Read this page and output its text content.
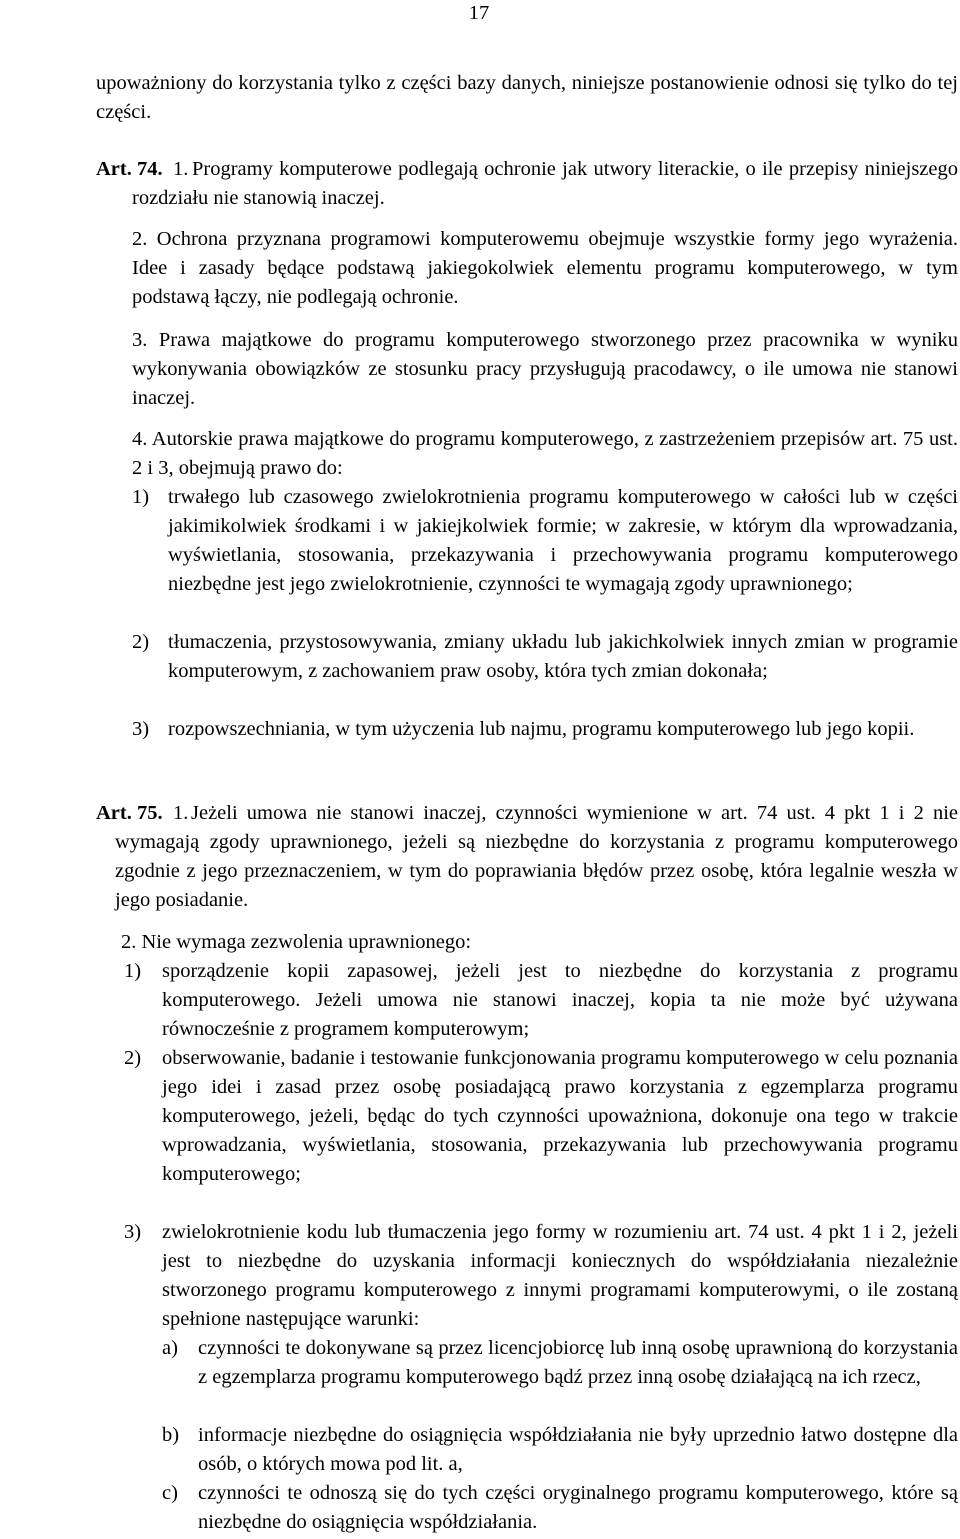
17

upoważniony do korzystania tylko z części bazy danych, niniejsze postanowienie odnosi się tylko do tej części.

Art. 74. 1. Programy komputerowe podlegają ochronie jak utwory literackie, o ile przepisy niniejszego rozdziału nie stanowią inaczej.

2. Ochrona przyznana programowi komputerowemu obejmuje wszystkie formy jego wyrażenia. Idee i zasady będące podstawą jakiegokolwiek elementu programu komputerowego, w tym podstawą łączy, nie podlegają ochronie.

3. Prawa majątkowe do programu komputerowego stworzonego przez pracownika w wyniku wykonywania obowiązków ze stosunku pracy przysługują pracodawcy, o ile umowa nie stanowi inaczej.

4. Autorskie prawa majątkowe do programu komputerowego, z zastrzeżeniem przepisów art. 75 ust. 2 i 3, obejmują prawo do:

1) trwałego lub czasowego zwielokrotnienia programu komputerowego w całości lub w części jakimikolwiek środkami i w jakiejkolwiek formie; w zakresie, w którym dla wprowadzania, wyświetlania, stosowania, przekazywania i przechowywania programu komputerowego niezbędne jest jego zwielokrotnienie, czynności te wymagają zgody uprawnionego;
2) tłumaczenia, przystosowywania, zmiany układu lub jakichkolwiek innych zmian w programie komputerowym, z zachowaniem praw osoby, która tych zmian dokonała;
3) rozpowszechniania, w tym użyczenia lub najmu, programu komputerowego lub jego kopii.
Art. 75. 1. Jeżeli umowa nie stanowi inaczej, czynności wymienione w art. 74 ust. 4 pkt 1 i 2 nie wymagają zgody uprawnionego, jeżeli są niezbędne do korzystania z programu komputerowego zgodnie z jego przeznaczeniem, w tym do poprawiania błędów przez osobę, która legalnie weszła w jego posiadanie.

2. Nie wymaga zezwolenia uprawnionego:

1) sporządzenie kopii zapasowej, jeżeli jest to niezbędne do korzystania z programu komputerowego. Jeżeli umowa nie stanowi inaczej, kopia ta nie może być używana równocześnie z programem komputerowym;
2) obserwowanie, badanie i testowanie funkcjonowania programu komputerowego w celu poznania jego idei i zasad przez osobę posiadającą prawo korzystania z egzemplarza programu komputerowego, jeżeli, będąc do tych czynności upoważniona, dokonuje ona tego w trakcie wprowadzania, wyświetlania, stosowania, przekazywania lub przechowywania programu komputerowego;
3) zwielokrotnienie kodu lub tłumaczenia jego formy w rozumieniu art. 74 ust. 4 pkt 1 i 2, jeżeli jest to niezbędne do uzyskania informacji koniecznych do współdziałania niezależnie stworzonego programu komputerowego z innymi programami komputerowymi, o ile zostaną spełnione następujące warunki:
a) czynności te dokonywane są przez licencjobiorcę lub inną osobę uprawnioną do korzystania z egzemplarza programu komputerowego bądź przez inną osobę działającą na ich rzecz,
b) informacje niezbędne do osiągnięcia współdziałania nie były uprzednio łatwo dostępne dla osób, o których mowa pod lit. a,
c) czynności te odnoszą się do tych części oryginalnego programu komputerowego, które są niezbędne do osiągnięcia współdziałania.
